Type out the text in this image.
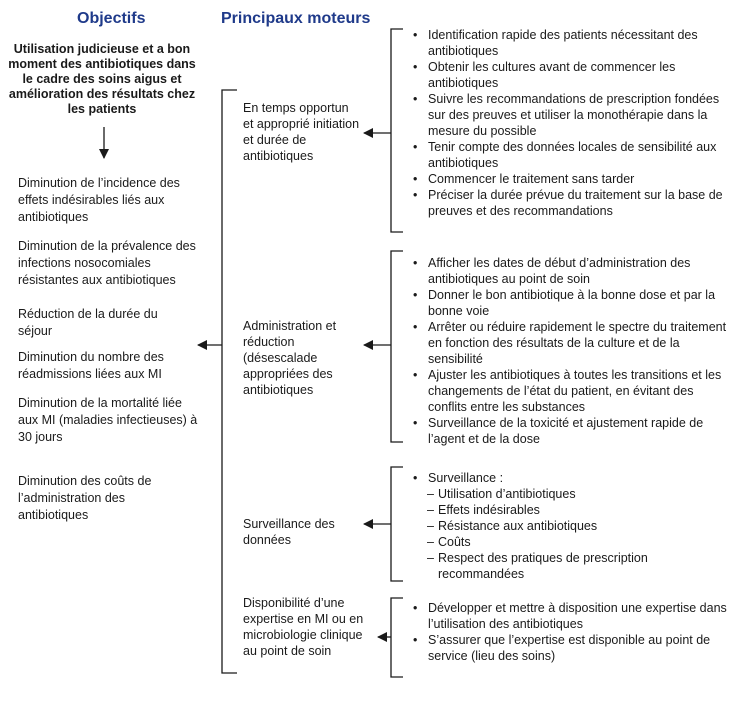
Objectifs	Principaux moteurs
Utilisation judicieuse et a bon moment des antibiotiques dans le cadre des soins aigus et amélioration des résultats chez les patients
Diminution de l’incidence des effets indésirables liés aux antibiotiques
Diminution de la prévalence des infections nosocomiales résistantes aux antibiotiques
Réduction de la durée du séjour
Diminution du nombre des réadmissions liées aux MI
Diminution de la mortalité liée aux MI (maladies infectieuses) à 30 jours
Diminution des coûts de l’administration des antibiotiques
En temps opportun et approprié initiation et durée de antibiotiques
Administration et réduction (désescalade appropriées des antibiotiques
Surveillance des données
Disponibilité d’une expertise en MI ou en microbiologie clinique au point de soin
• Identification rapide des patients nécessitant des antibiotiques
• Obtenir les cultures avant de commencer les antibiotiques
• Suivre les recommandations de prescription fondées sur des preuves et utiliser la monothérapie dans la mesure du possible
• Tenir compte des données locales de sensibilité aux antibiotiques
• Commencer le traitement sans tarder
• Préciser la durée prévue du traitement sur la base de preuves et des recommandations
• Afficher les dates de début d’administration des antibiotiques au point de soin
• Donner le bon antibiotique à la bonne dose et par la bonne voie
• Arrêter ou réduire rapidement le spectre du traitement en fonction des résultats de la culture et de la sensibilité
• Ajuster les antibiotiques à toutes les transitions et les changements de l’état du patient, en évitant des conflits entre les substances
• Surveillance de la toxicité et ajustement rapide de l’agent et de la dose
• Surveillance :
– Utilisation d’antibiotiques
– Effets indésirables
– Résistance aux antibiotiques
– Coûts
– Respect des pratiques de prescription recommandées
• Développer et mettre à disposition une expertise dans l’utilisation des antibiotiques
• S’assurer que l’expertise est disponible au point de service (lieu des soins)
